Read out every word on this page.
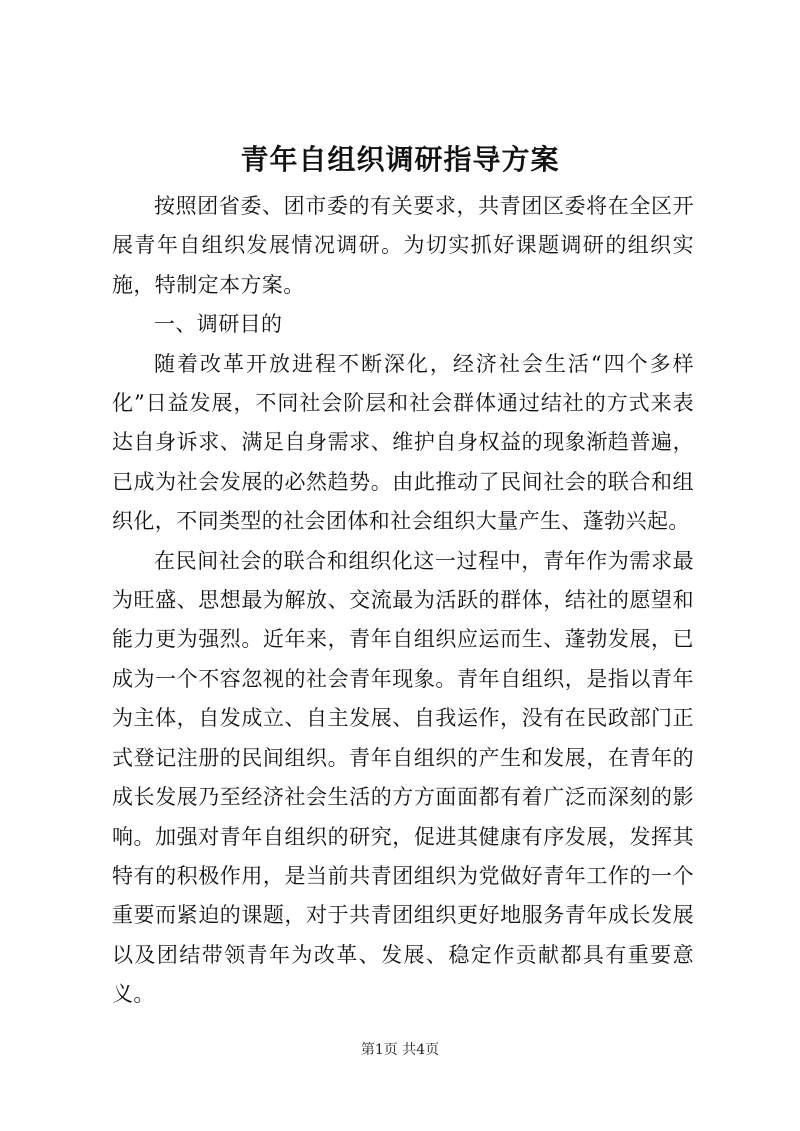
青年自组织调研指导方案

按照团省委、团市委的有关要求，共青团区委将在全区开展青年自组织发展情况调研。为切实抓好课题调研的组织实施，特制定本方案。

一、调研目的

随着改革开放进程不断深化，经济社会生活“四个多样化”日益发展，不同社会阶层和社会群体通过结社的方式来表达自身诉求、满足自身需求、维护自身权益的现象渐趋普遍，已成为社会发展的必然趋势。由此推动了民间社会的联合和组织化，不同类型的社会团体和社会组织大量产生、蓬勃兴起。

在民间社会的联合和组织化这一过程中，青年作为需求最为旺盛、思想最为解放、交流最为活跃的群体，结社的愿望和能力更为强烈。近年来，青年自组织应运而生、蓬勃发展，已成为一个不容忽视的社会青年现象。青年自组织，是指以青年为主体，自发成立、自主发展、自我运作，没有在民政部门正式登记注册的民间组织。青年自组织的产生和发展，在青年的成长发展乃至经济社会生活的方方面面都有着广泛而深刻的影响。加强对青年自组织的研究，促进其健康有序发展，发挥其特有的积极作用，是当前共青团组织为党做好青年工作的一个重要而紧迫的课题，对于共青团组织更好地服务青年成长发展以及团结带领青年为改革、发展、稳定作贡献都具有重要意义。

第1页 共4页
